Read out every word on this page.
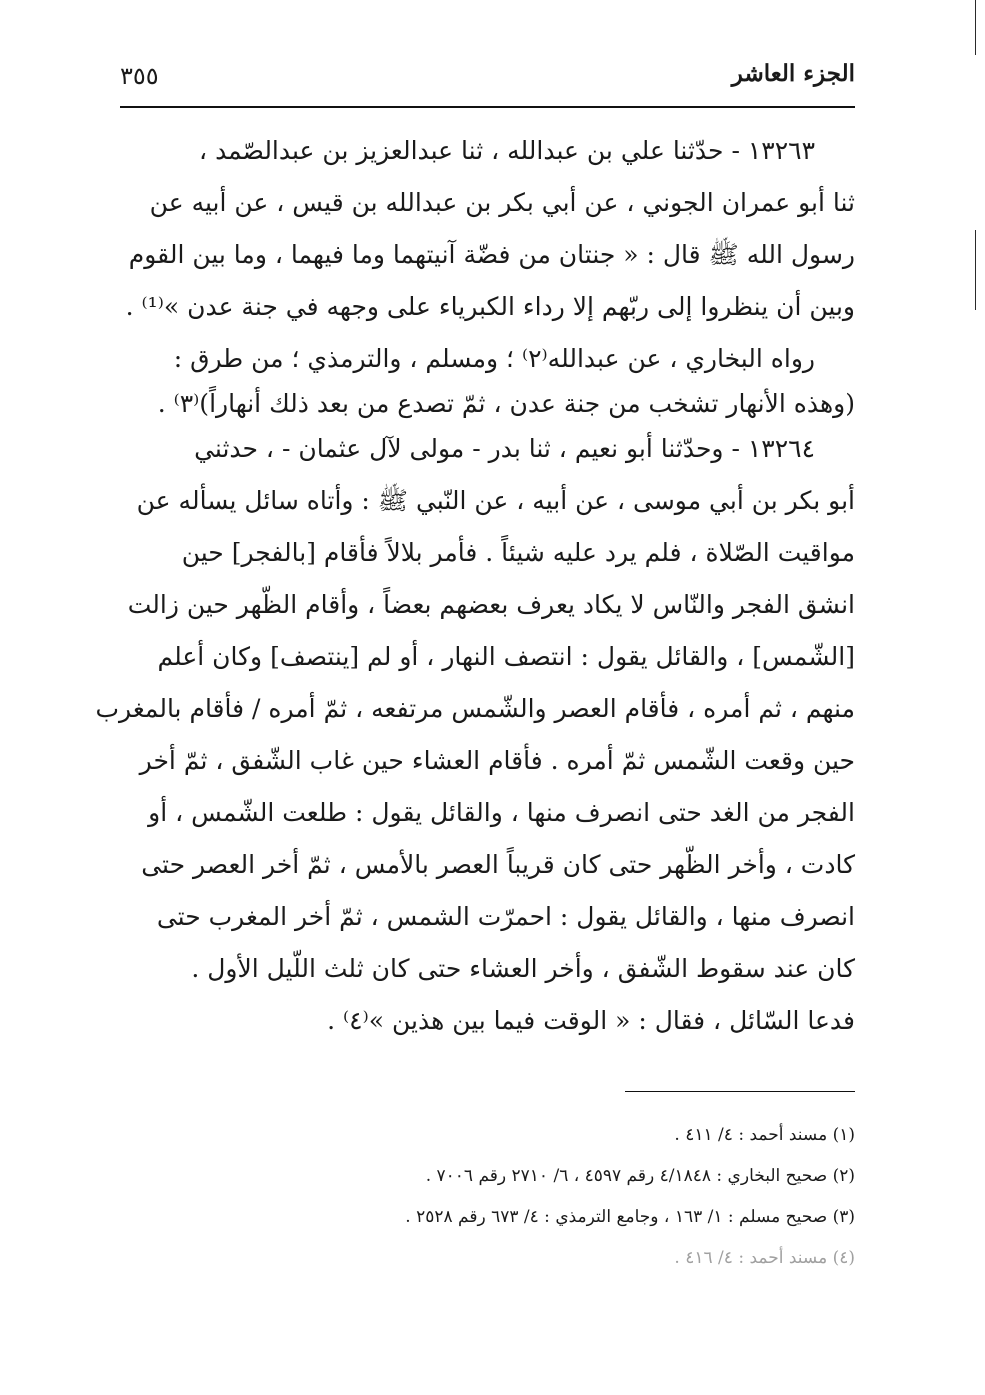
الجزء العاشر
٣٥٥
١٣٢٦٣ - حدّثنا علي بن عبدالله ، ثنا عبدالعزيز بن عبدالصّمد ،
ثنا أبو عمران الجوني ، عن أبي بكر بن عبدالله بن قيس ، عن أبيه عن
رسول الله ﷺ قال : « جنتان من فضّة آنيتهما وما فيهما ، وما بين القوم
وبين أن ينظروا إلى ربّهم إلا رداء الكبرياء على وجهه في جنة عدن »⁽¹⁾ .
رواه البخاري ، عن عبدالله⁽٢⁾ ؛ ومسلم ، والترمذي ؛ من طرق :
(وهذه الأنهار تشخب من جنة عدن ، ثمّ تصدع من بعد ذلك أنهاراً)⁽٣⁾ .
١٣٢٦٤ - وحدّثنا أبو نعيم ، ثنا بدر - مولى لآل عثمان - ، حدثني
أبو بكر بن أبي موسى ، عن أبيه ، عن النّبي ﷺ : وأتاه سائل يسأله عن
مواقيت الصّلاة ، فلم يرد عليه شيئاً . فأمر بلالاً فأقام [بالفجر] حين
انشق الفجر والنّاس لا يكاد يعرف بعضهم بعضاً ، وأقام الظّهر حين زالت
[الشّمس] ، والقائل يقول : انتصف النهار ، أو لم [ينتصف] وكان أعلم
منهم ، ثم أمره ، فأقام العصر والشّمس مرتفعه ، ثمّ أمره / فأقام بالمغرب
حين وقعت الشّمس ثمّ أمره . فأقام العشاء حين غاب الشّفق ، ثمّ أخر
الفجر من الغد حتى انصرف منها ، والقائل يقول : طلعت الشّمس ، أو
كادت ، وأخر الظّهر حتى كان قريباً العصر بالأمس ، ثمّ أخر العصر حتى
انصرف منها ، والقائل يقول : احمرّت الشمس ، ثمّ أخر المغرب حتى
كان عند سقوط الشّفق ، وأخر العشاء حتى كان ثلث اللّيل الأول .
فدعا السّائل ، فقال : « الوقت فيما بين هذين »⁽٤⁾ .
(١) مسند أحمد : ٤/ ٤١١ .
(٢) صحيح البخاري : ٤/١٨٤٨ رقم ٤٥٩٧ ، ٦/ ٢٧١٠ رقم ٧٠٠٦ .
(٣) صحيح مسلم : ١/ ١٦٣ ، وجامع الترمذي : ٤/ ٦٧٣ رقم ٢٥٢٨ .
(٤) مسند أحمد : ٤/ ٤١٦ .
